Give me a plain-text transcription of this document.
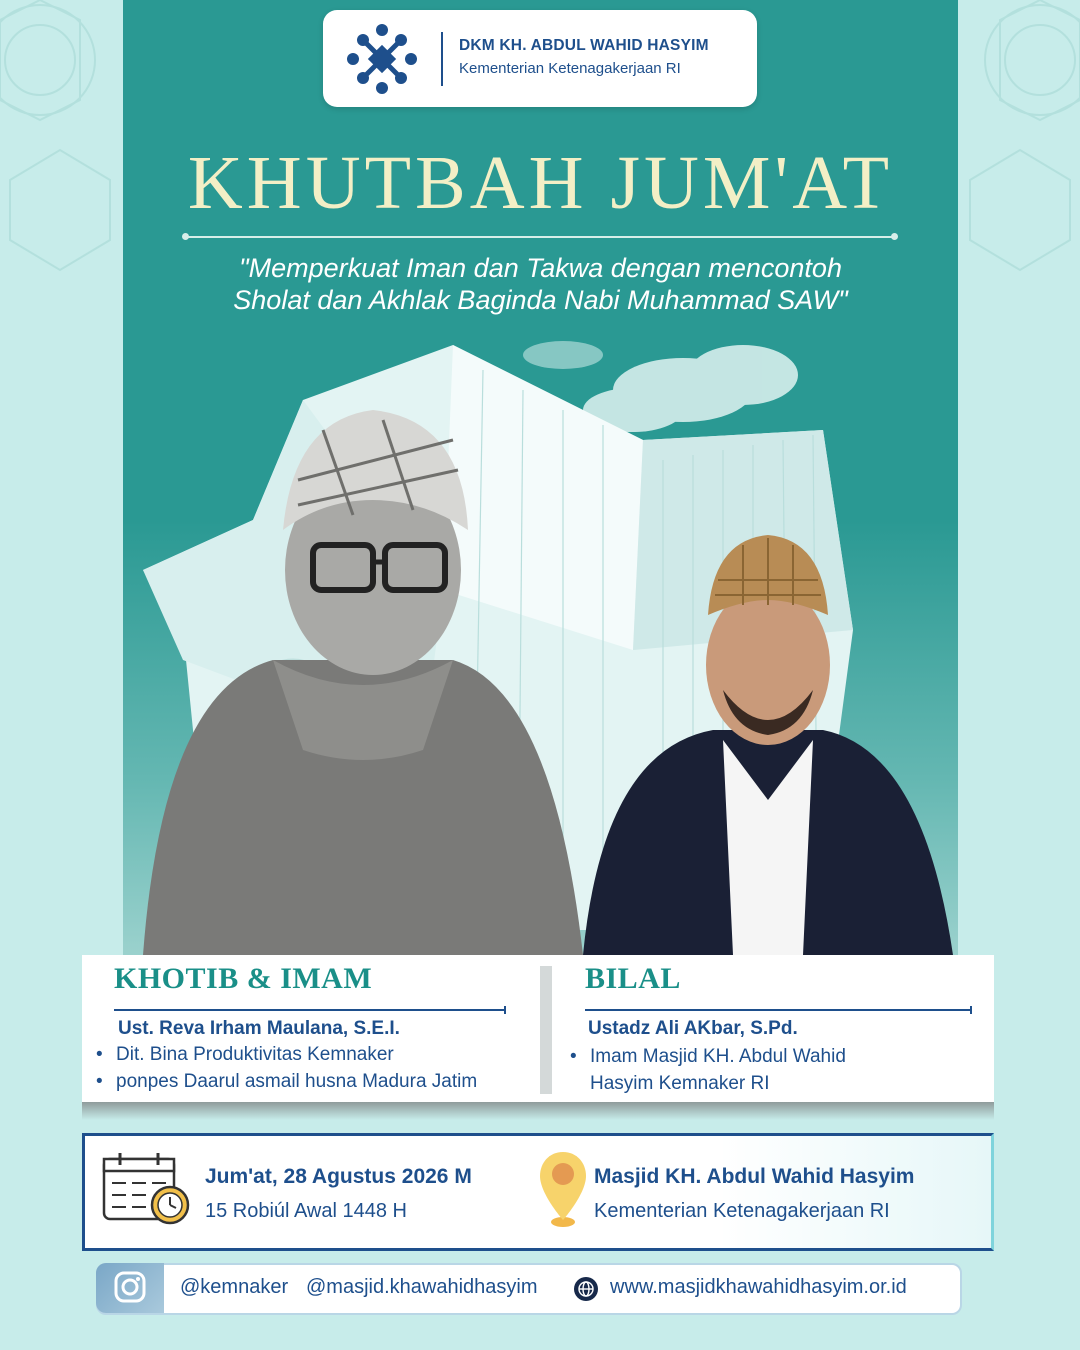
DKM KH. ABDUL WAHID HASYIM
Kementerian Ketenagakerjaan RI
KHUTBAH JUM'AT
"Memperkuat Iman dan Takwa dengan mencontoh
Sholat dan Akhlak Baginda Nabi Muhammad SAW"
KHOTIB & IMAM
Ust. Reva Irham Maulana, S.E.I.
• Dit. Bina Produktivitas Kemnaker
• ponpes Daarul asmail husna Madura Jatim
BILAL
Ustadz Ali AKbar, S.Pd.
• Imam Masjid KH. Abdul Wahid
Hasyim Kemnaker RI
Jum'at, 28 Agustus 2026 M
15 Robiúl Awal 1448 H
Masjid KH. Abdul Wahid Hasyim
Kementerian Ketenagakerjaan RI
@kemnaker @masjid.khawahidhasyim	www.masjidkhawahidhasyim.or.id
